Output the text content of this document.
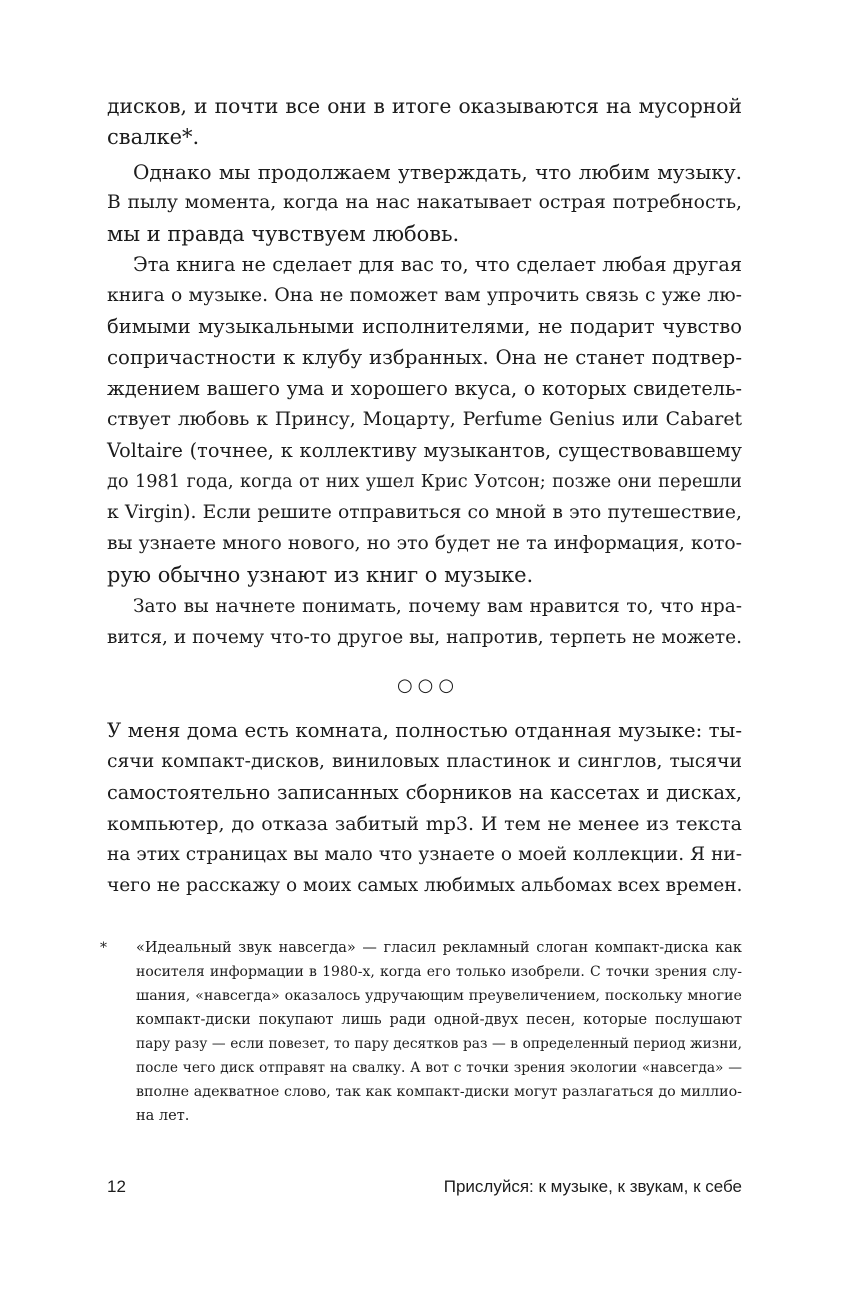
дисков, и почти все они в итоге оказываются на мусорной
свалке*.
Однако мы продолжаем утверждать, что любим музыку.
В пылу момента, когда на нас накатывает острая потребность,
мы и правда чувствуем любовь.
Эта книга не сделает для вас то, что сделает любая другая
книга о музыке. Она не поможет вам упрочить связь с уже лю-
бимыми музыкальными исполнителями, не подарит чувство
сопричастности к клубу избранных. Она не станет подтвер-
ждением вашего ума и хорошего вкуса, о которых свидетель-
ствует любовь к Принсу, Моцарту, Perfume Genius или Cabaret
Voltaire (точнее, к коллективу музыкантов, существовавшему
до 1981 года, когда от них ушел Крис Уотсон; позже они перешли
к Virgin). Если решите отправиться со мной в это путешествие,
вы узнаете много нового, но это будет не та информация, кото-
рую обычно узнают из книг о музыке.
Зато вы начнете понимать, почему вам нравится то, что нра-
вится, и почему что-то другое вы, напротив, терпеть не можете.
○○○
У меня дома есть комната, полностью отданная музыке: ты-
сячи компакт-дисков, виниловых пластинок и синглов, тысячи
самостоятельно записанных сборников на кассетах и дисках,
компьютер, до отказа забитый mp3. И тем не менее из текста
на этих страницах вы мало что узнаете о моей коллекции. Я ни-
чего не расскажу о моих самых любимых альбомах всех времен.
* «Идеальный звук навсегда» — гласил рекламный слоган компакт-диска как
носителя информации в 1980-х, когда его только изобрели. С точки зрения слу-
шания, «навсегда» оказалось удручающим преувеличением, поскольку многие
компакт-диски покупают лишь ради одной-двух песен, которые послушают
пару разу — если повезет, то пару десятков раз — в определенный период жизни,
после чего диск отправят на свалку. А вот с точки зрения экологии «навсегда» —
вполне адекватное слово, так как компакт-диски могут разлагаться до миллио-
на лет.
12	Прислуйся: к музыке, к звукам, к себе
